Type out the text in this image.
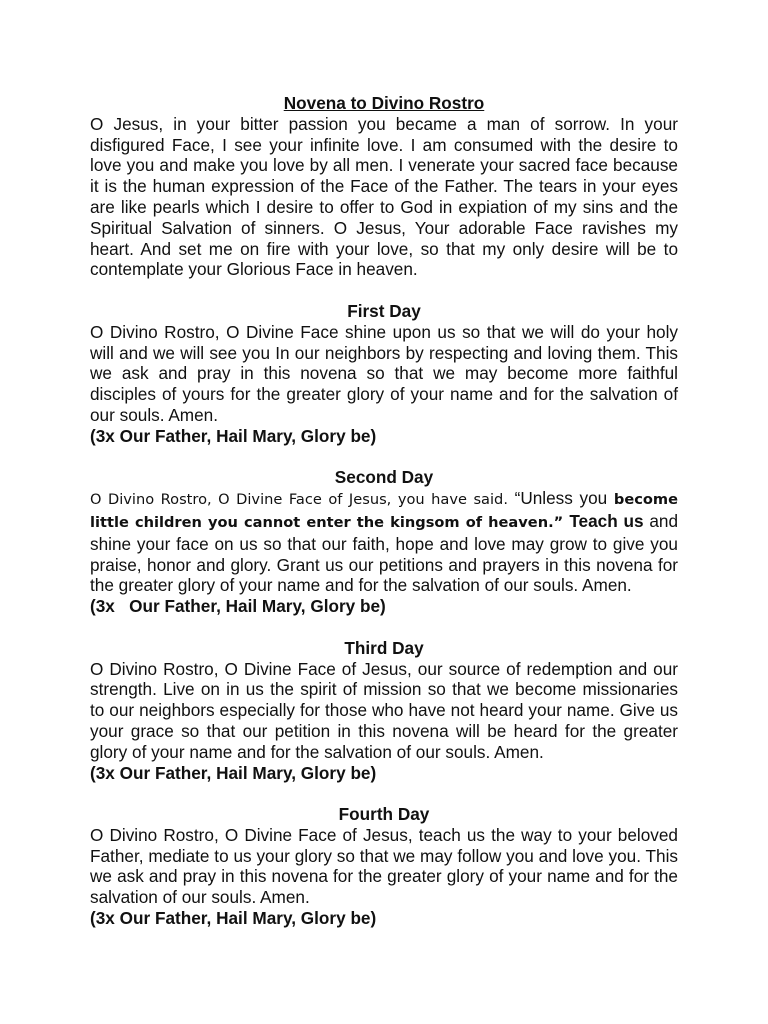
Novena to Divino Rostro
O Jesus, in your bitter passion you became a man of sorrow. In your disfigured Face, I see your infinite love. I am consumed with the desire to love you and make you love by all men. I venerate your sacred face because it is the human expression of the Face of the Father. The tears in your eyes are like pearls which I desire to offer to God in expiation of my sins and the Spiritual Salvation of sinners. O Jesus, Your adorable Face ravishes my heart. And set me on fire with your love, so that my only desire will be to contemplate your Glorious Face in heaven.
First Day
O Divino Rostro, O Divine Face shine upon us so that we will do your holy will and we will see you In our neighbors by respecting and loving them. This we ask and pray in this novena so that we may become more faithful disciples of yours for the greater glory of your name and for the salvation of our souls. Amen.
(3x Our Father, Hail Mary, Glory be)
Second Day
O Divino Rostro, O Divine Face of Jesus, you have said. “Unless you become little children you cannot enter the kingsom of heaven.” Teach us and shine your face on us so that our faith, hope and love may grow to give you praise, honor and glory. Grant us our petitions and prayers in this novena for the greater glory of your name and for the salvation of our souls. Amen.
(3x   Our Father, Hail Mary, Glory be)
Third Day
O Divino Rostro, O Divine Face of Jesus, our source of redemption and our strength. Live on in us the spirit of mission so that we become missionaries to our neighbors especially for those who have not heard your name. Give us your grace so that our petition in this novena will be heard for the greater glory of your name and for the salvation of our souls. Amen.
(3x Our Father, Hail Mary, Glory be)
Fourth Day
O Divino Rostro, O Divine Face of Jesus, teach us the way to your beloved Father, mediate to us your glory so that we may follow you and love you. This we ask and pray in this novena for the greater glory of your name and for the salvation of our souls. Amen.
(3x Our Father, Hail Mary, Glory be)
